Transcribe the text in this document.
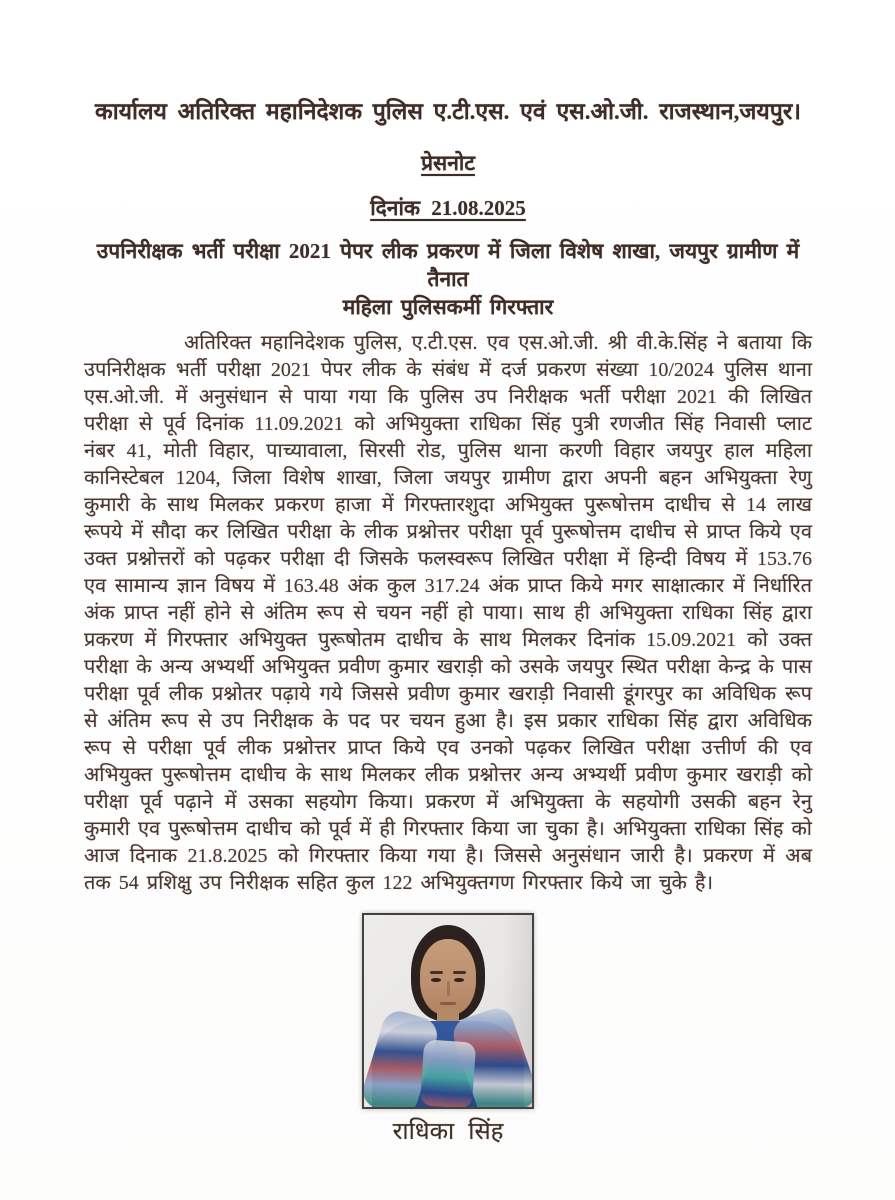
कार्यालय अतिरिक्त महानिदेशक पुलिस ए.टी.एस. एवं एस.ओ.जी. राजस्थान,जयपुर।
प्रेसनोट
दिनांक 21.08.2025
उपनिरीक्षक भर्ती परीक्षा 2021 पेपर लीक प्रकरण में जिला विशेष शाखा, जयपुर ग्रामीण में तैनात
महिला पुलिसकर्मी गिरफ्तार
अतिरिक्त महानिदेशक पुलिस, ए.टी.एस. एव एस.ओ.जी. श्री वी.के.सिंह ने बताया कि उपनिरीक्षक भर्ती परीक्षा 2021 पेपर लीक के संबंध में दर्ज प्रकरण संख्या 10/2024 पुलिस थाना एस.ओ.जी. में अनुसंधान से पाया गया कि पुलिस उप निरीक्षक भर्ती परीक्षा 2021 की लिखित परीक्षा से पूर्व दिनांक 11.09.2021 को अभियुक्ता राधिका सिंह पुत्री रणजीत सिंह निवासी प्लाट नंबर 41, मोती विहार, पाच्यावाला, सिरसी रोड, पुलिस थाना करणी विहार जयपुर हाल महिला कानिस्टेबल 1204, जिला विशेष शाखा, जिला जयपुर ग्रामीण द्वारा अपनी बहन अभियुक्ता रेणु कुमारी के साथ मिलकर प्रकरण हाजा में गिरफ्तारशुदा अभियुक्त पुरूषोत्तम दाधीच से 14 लाख रूपये में सौदा कर लिखित परीक्षा के लीक प्रश्नोत्तर परीक्षा पूर्व पुरूषोत्तम दाधीच से प्राप्त किये एव उक्त प्रश्नोत्तरों को पढ़कर परीक्षा दी जिसके फलस्वरूप लिखित परीक्षा में हिन्दी विषय में 153.76 एव सामान्य ज्ञान विषय में 163.48 अंक कुल 317.24 अंक प्राप्त किये मगर साक्षात्कार में निर्धारित अंक प्राप्त नहीं होने से अंतिम रूप से चयन नहीं हो पाया। साथ ही अभियुक्ता राधिका सिंह द्वारा प्रकरण में गिरफ्तार अभियुक्त पुरूषोतम दाधीच के साथ मिलकर दिनांक 15.09.2021 को उक्त परीक्षा के अन्य अभ्यर्थी अभियुक्त प्रवीण कुमार खराड़ी को उसके जयपुर स्थित परीक्षा केन्द्र के पास परीक्षा पूर्व लीक प्रश्नोतर पढ़ाये गये जिससे प्रवीण कुमार खराड़ी निवासी डूंगरपुर का अविधिक रूप से अंतिम रूप से उप निरीक्षक के पद पर चयन हुआ है। इस प्रकार राधिका सिंह द्वारा अविधिक रूप से परीक्षा पूर्व लीक प्रश्नोत्तर प्राप्त किये एव उनको पढ़कर लिखित परीक्षा उत्तीर्ण की एव अभियुक्त पुरूषोत्तम दाधीच के साथ मिलकर लीक प्रश्नोत्तर अन्य अभ्यर्थी प्रवीण कुमार खराड़ी को परीक्षा पूर्व पढ़ाने में उसका सहयोग किया। प्रकरण में अभियुक्ता के सहयोगी उसकी बहन रेनु कुमारी एव पुरूषोत्तम दाधीच को पूर्व में ही गिरफ्तार किया जा चुका है। अभियुक्ता राधिका सिंह को आज दिनाक 21.8.2025 को गिरफ्तार किया गया है। जिससे अनुसंधान जारी है। प्रकरण में अब तक 54 प्रशिक्षु उप निरीक्षक सहित कुल 122 अभियुक्तगण गिरफ्तार किये जा चुके है।
राधिका सिंह
